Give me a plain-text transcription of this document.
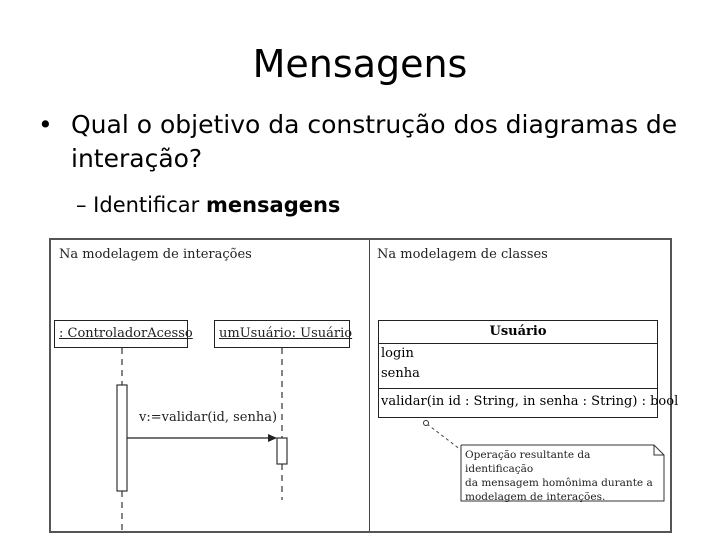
Mensagens
• Qual o objetivo da construção dos diagramas de interação?
– Identificar mensagens
Na modelagem de interações	Na modelagem de classes
: ControladorAcesso umUsuário: Usuário
v:=validar(id, senha)
Usuário
login
senha
validar(in id : String, in senha : String) : bool
Operação resultante da identificação
da mensagem homônima durante a
modelagem de interações.
